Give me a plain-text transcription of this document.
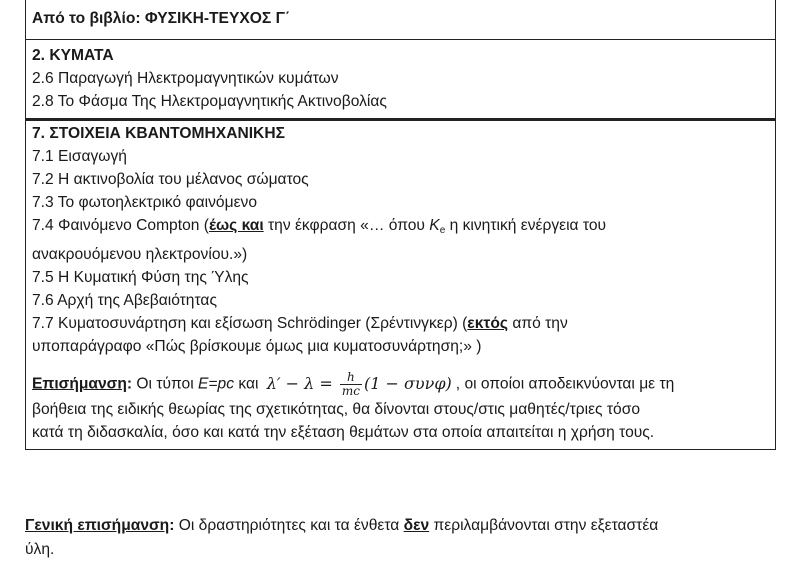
Από το βιβλίο: ΦΥΣΙΚΗ-ΤΕΥΧΟΣ Γ΄
2. ΚΥΜΑΤΑ
2.6 Παραγωγή Ηλεκτρομαγνητικών κυμάτων
2.8 Το Φάσμα Της Ηλεκτρομαγνητικής Ακτινοβολίας
7. ΣΤΟΙΧΕΙΑ ΚΒΑΝΤΟΜΗΧΑΝΙΚΗΣ
7.1 Εισαγωγή
7.2 Η ακτινοβολία του μέλανος σώματος
7.3 Το φωτοηλεκτρικό φαινόμενο
7.4 Φαινόμενο Compton (έως και την έκφραση «… όπου Ke η κινητική ενέργεια του
ανακρουόμενου ηλεκτρονίου.»)
7.5 Η Κυματική Φύση της Ύλης
7.6 Αρχή της Αβεβαιότητας
7.7 Κυματοσυνάρτηση και εξίσωση Schrödinger (Σρέντινγκερ) (εκτός από την
υποπαράγραφο «Πώς βρίσκουμε όμως μια κυματοσυνάρτηση;» )
Επισήμανση: Οι τύποι E=pc και $\lambda' - \lambda = \frac{h}{mc} (1 - \sigma\upsilon\nu\varphi)$ , οι οποίοι αποδεικνύονται με τη
βοήθεια της ειδικής θεωρίας της σχετικότητας, θα δίνονται στους/στις μαθητές/τριες τόσο
κατά τη διδασκαλία, όσο και κατά την εξέταση θεμάτων στα οποία απαιτείται η χρήση τους.
Γενική επισήμανση: Οι δραστηριότητες και τα ένθετα δεν περιλαμβάνονται στην εξεταστέα
ύλη.
